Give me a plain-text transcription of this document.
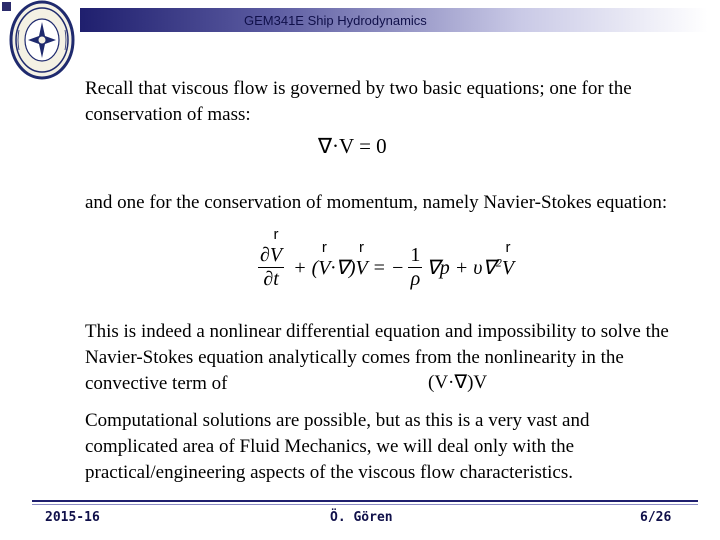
GEM341E Ship Hydrodynamics
Recall that viscous flow is governed by two basic equations; one for the conservation of mass:
∇·V = 0
and one for the conservation of momentum, namely Navier-Stokes equation:
$\frac{\text{∂r V}}{\partial t} + (r$ V·∇)r V = − $\frac{1}{\rho} \nabla p + \upsilon\nabla^2r$ V
This is indeed a nonlinear differential equation and impossibility to solve the Navier-Stokes equation analytically comes from the nonlinearity in the convective term of	(V·∇)V
Computational solutions are possible, but as this is a very vast and complicated area of Fluid Mechanics, we will deal only with the practical/engineering aspects of the viscous flow characteristics.
2015-16	Ö. Gören	6/26
